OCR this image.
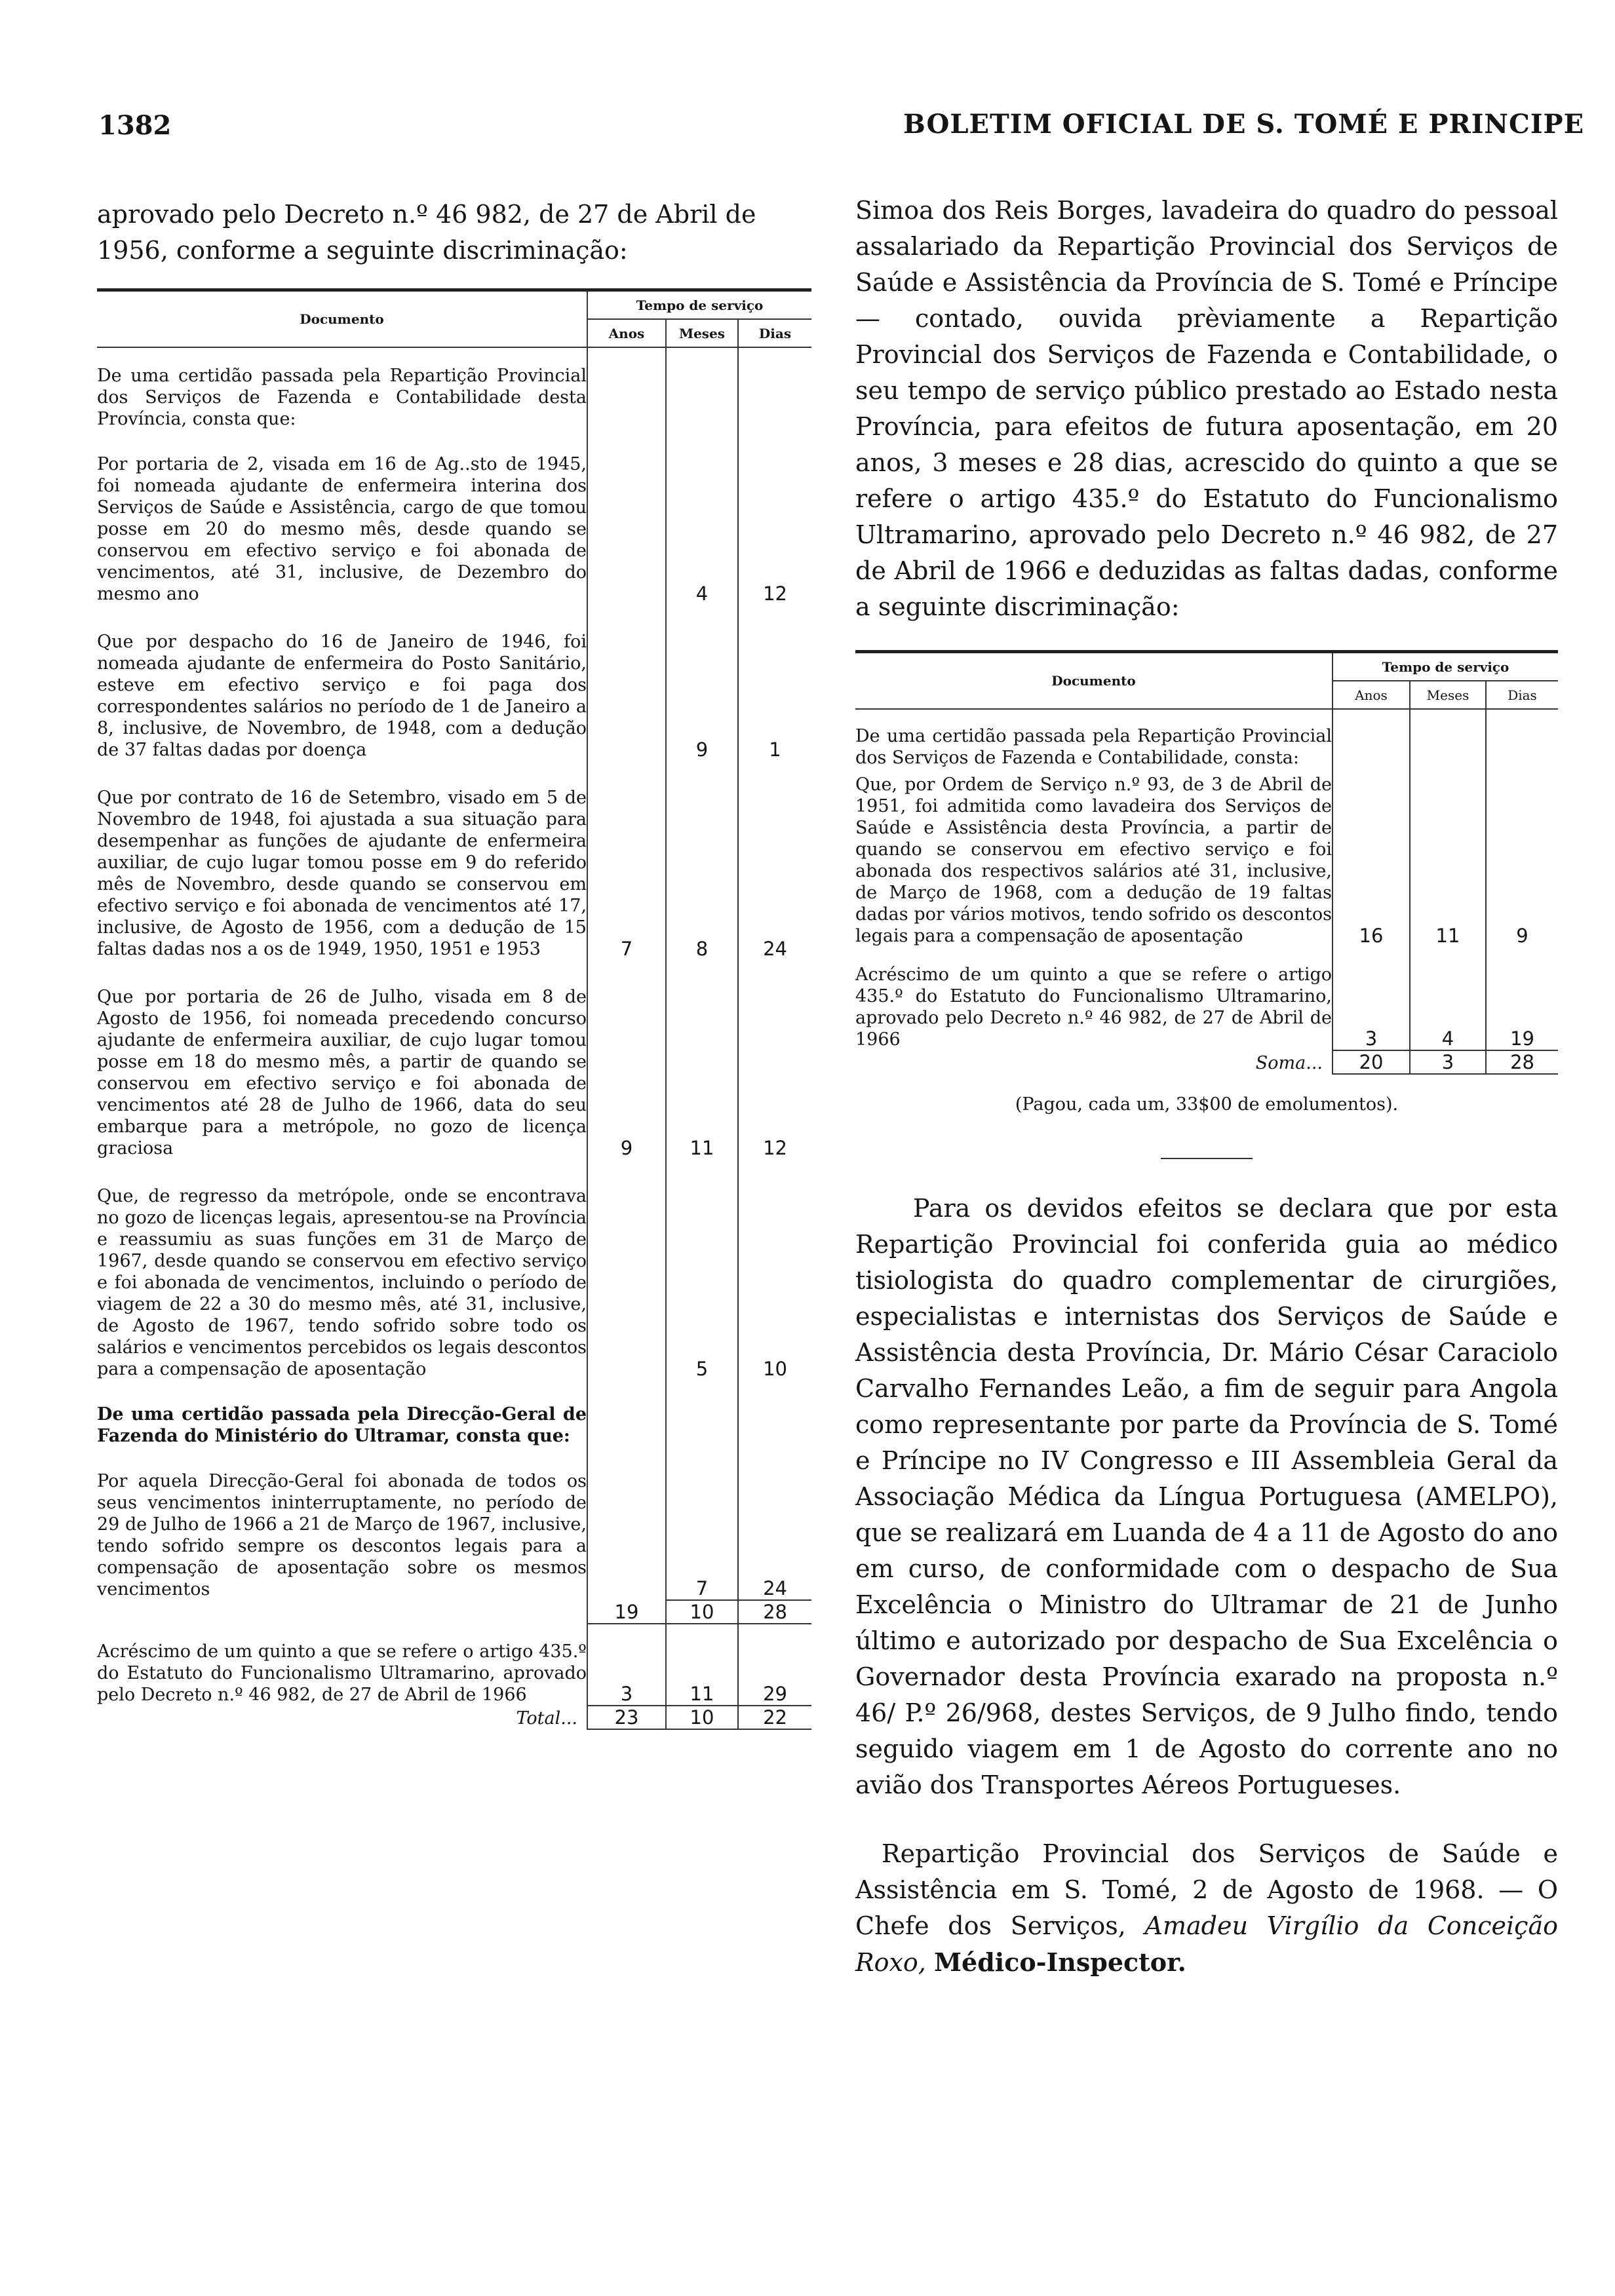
1382	BOLETIM OFICIAL DE S. TOMÉ E PRINCIPE

aprovado pelo Decreto n.º 46 982, de 27 de Abril de 1956, conforme a seguinte discriminação:

Documento	Tempo de serviço		
	Anos	Meses	Dias

De uma certidão passada pela Repartição Provincial dos Serviços de Fazenda e Contabilidade desta Província, consta que:			
Por portaria de 2, visada em 16 de Ag..sto de 1945, foi nomeada ajudante de enfermeira interina dos Serviços de Saúde e Assistência, cargo de que tomou posse em 20 do mesmo mês, desde quando se conservou em efectivo serviço e foi abonada de vencimentos, até 31, inclusive, de Dezembro do mesmo ano		4	12
Que por despacho do 16 de Janeiro de 1946, foi nomeada ajudante de enfermeira do Posto Sanitário, esteve em efectivo serviço e foi paga dos correspondentes salários no período de 1 de Janeiro a 8, inclusive, de Novembro, de 1948, com a dedução de 37 faltas dadas por doença		9	1
Que por contrato de 16 de Setembro, visado em 5 de Novembro de 1948, foi ajustada a sua situação para desempenhar as funções de ajudante de enfermeira auxiliar, de cujo lugar tomou posse em 9 do referido mês de Novembro, desde quando se conservou em efectivo serviço e foi abonada de vencimentos até 17, inclusive, de Agosto de 1956, com a dedução de 15 faltas dadas nos a os de 1949, 1950, 1951 e 1953	7	8	24
Que por portaria de 26 de Julho, visada em 8 de Agosto de 1956, foi nomeada precedendo concurso ajudante de enfermeira auxiliar, de cujo lugar tomou posse em 18 do mesmo mês, a partir de quando se conservou em efectivo serviço e foi abonada de vencimentos até 28 de Julho de 1966, data do seu embarque para a metrópole, no gozo de licença graciosa	9	11	12
Que, de regresso da metrópole, onde se encontrava no gozo de licenças legais, apresentou-se na Província e reassumiu as suas funções em 31 de Março de 1967, desde quando se conservou em efectivo serviço e foi abonada de vencimentos, incluindo o período de viagem de 22 a 30 do mesmo mês, até 31, inclusive, de Agosto de 1967, tendo sofrido sobre todo os salários e vencimentos percebidos os legais descontos para a compensação de aposentação		5	10
De uma certidão passada pela Direcção-Geral de Fazenda do Ministério do Ultramar, consta que:			
Por aquela Direcção-Geral foi abonada de todos os seus vencimentos ininterruptamente, no período de 29 de Julho de 1966 a 21 de Março de 1967, inclusive, tendo sofrido sempre os descontos legais para a compensação de aposentação sobre os mesmos vencimentos		7	24
	19	10	28
Acréscimo de um quinto a que se refere o artigo 435.º do Estatuto do Funcionalismo Ultramarino, aprovado pelo Decreto n.º 46 982, de 27 de Abril de 1966	3	11	29
Total...	23	10	22

Simoa dos Reis Borges, lavadeira do quadro do pessoal assalariado da Repartição Provincial dos Serviços de Saúde e Assistência da Província de S. Tomé e Príncipe — contado, ouvida prèviamente a Repartição Provincial dos Serviços de Fazenda e Contabilidade, o seu tempo de serviço público prestado ao Estado nesta Província, para efeitos de futura aposentação, em 20 anos, 3 meses e 28 dias, acrescido do quinto a que se refere o artigo 435.º do Estatuto do Funcionalismo Ultramarino, aprovado pelo Decreto n.º 46 982, de 27 de Abril de 1966 e deduzidas as faltas dadas, conforme a seguinte discriminação:

Documento	Tempo de serviço		
	Anos	Meses	Dias

De uma certidão passada pela Repartição Provincial dos Serviços de Fazenda e Contabilidade, consta:			
Que, por Ordem de Serviço n.º 93, de 3 de Abril de 1951, foi admitida como lavadeira dos Serviços de Saúde e Assistência desta Província, a partir de quando se conservou em efectivo serviço e foi abonada dos respectivos salários até 31, inclusive, de Março de 1968, com a dedução de 19 faltas dadas por vários motivos, tendo sofrido os descontos legais para a compensação de aposentação	16	11	9
Acréscimo de um quinto a que se refere o artigo 435.º do Estatuto do Funcionalismo Ultramarino, aprovado pelo Decreto n.º 46 982, de 27 de Abril de 1966	3	4	19
Soma...	20	3	28

(Pagou, cada um, 33$00 de emolumentos).

Para os devidos efeitos se declara que por esta Repartição Provincial foi conferida guia ao médico tisiologista do quadro complementar de cirurgiões, especialistas e internistas dos Serviços de Saúde e Assistência desta Província, Dr. Mário César Caraciolo Carvalho Fernandes Leão, a fim de seguir para Angola como representante por parte da Província de S. Tomé e Príncipe no IV Congresso e III Assembleia Geral da Associação Médica da Língua Portuguesa (AMELPO), que se realizará em Luanda de 4 a 11 de Agosto do ano em curso, de conformidade com o despacho de Sua Excelência o Ministro do Ultramar de 21 de Junho último e autorizado por despacho de Sua Excelência o Governador desta Província exarado na proposta n.º 46/ P.º 26/968, destes Serviços, de 9 Julho findo, tendo seguido viagem em 1 de Agosto do corrente ano no avião dos Transportes Aéreos Portugueses.

Repartição Provincial dos Serviços de Saúde e Assistência em S. Tomé, 2 de Agosto de 1968. — O Chefe dos Serviços, Amadeu Virgílio da Conceição Roxo, Médico-Inspector.
